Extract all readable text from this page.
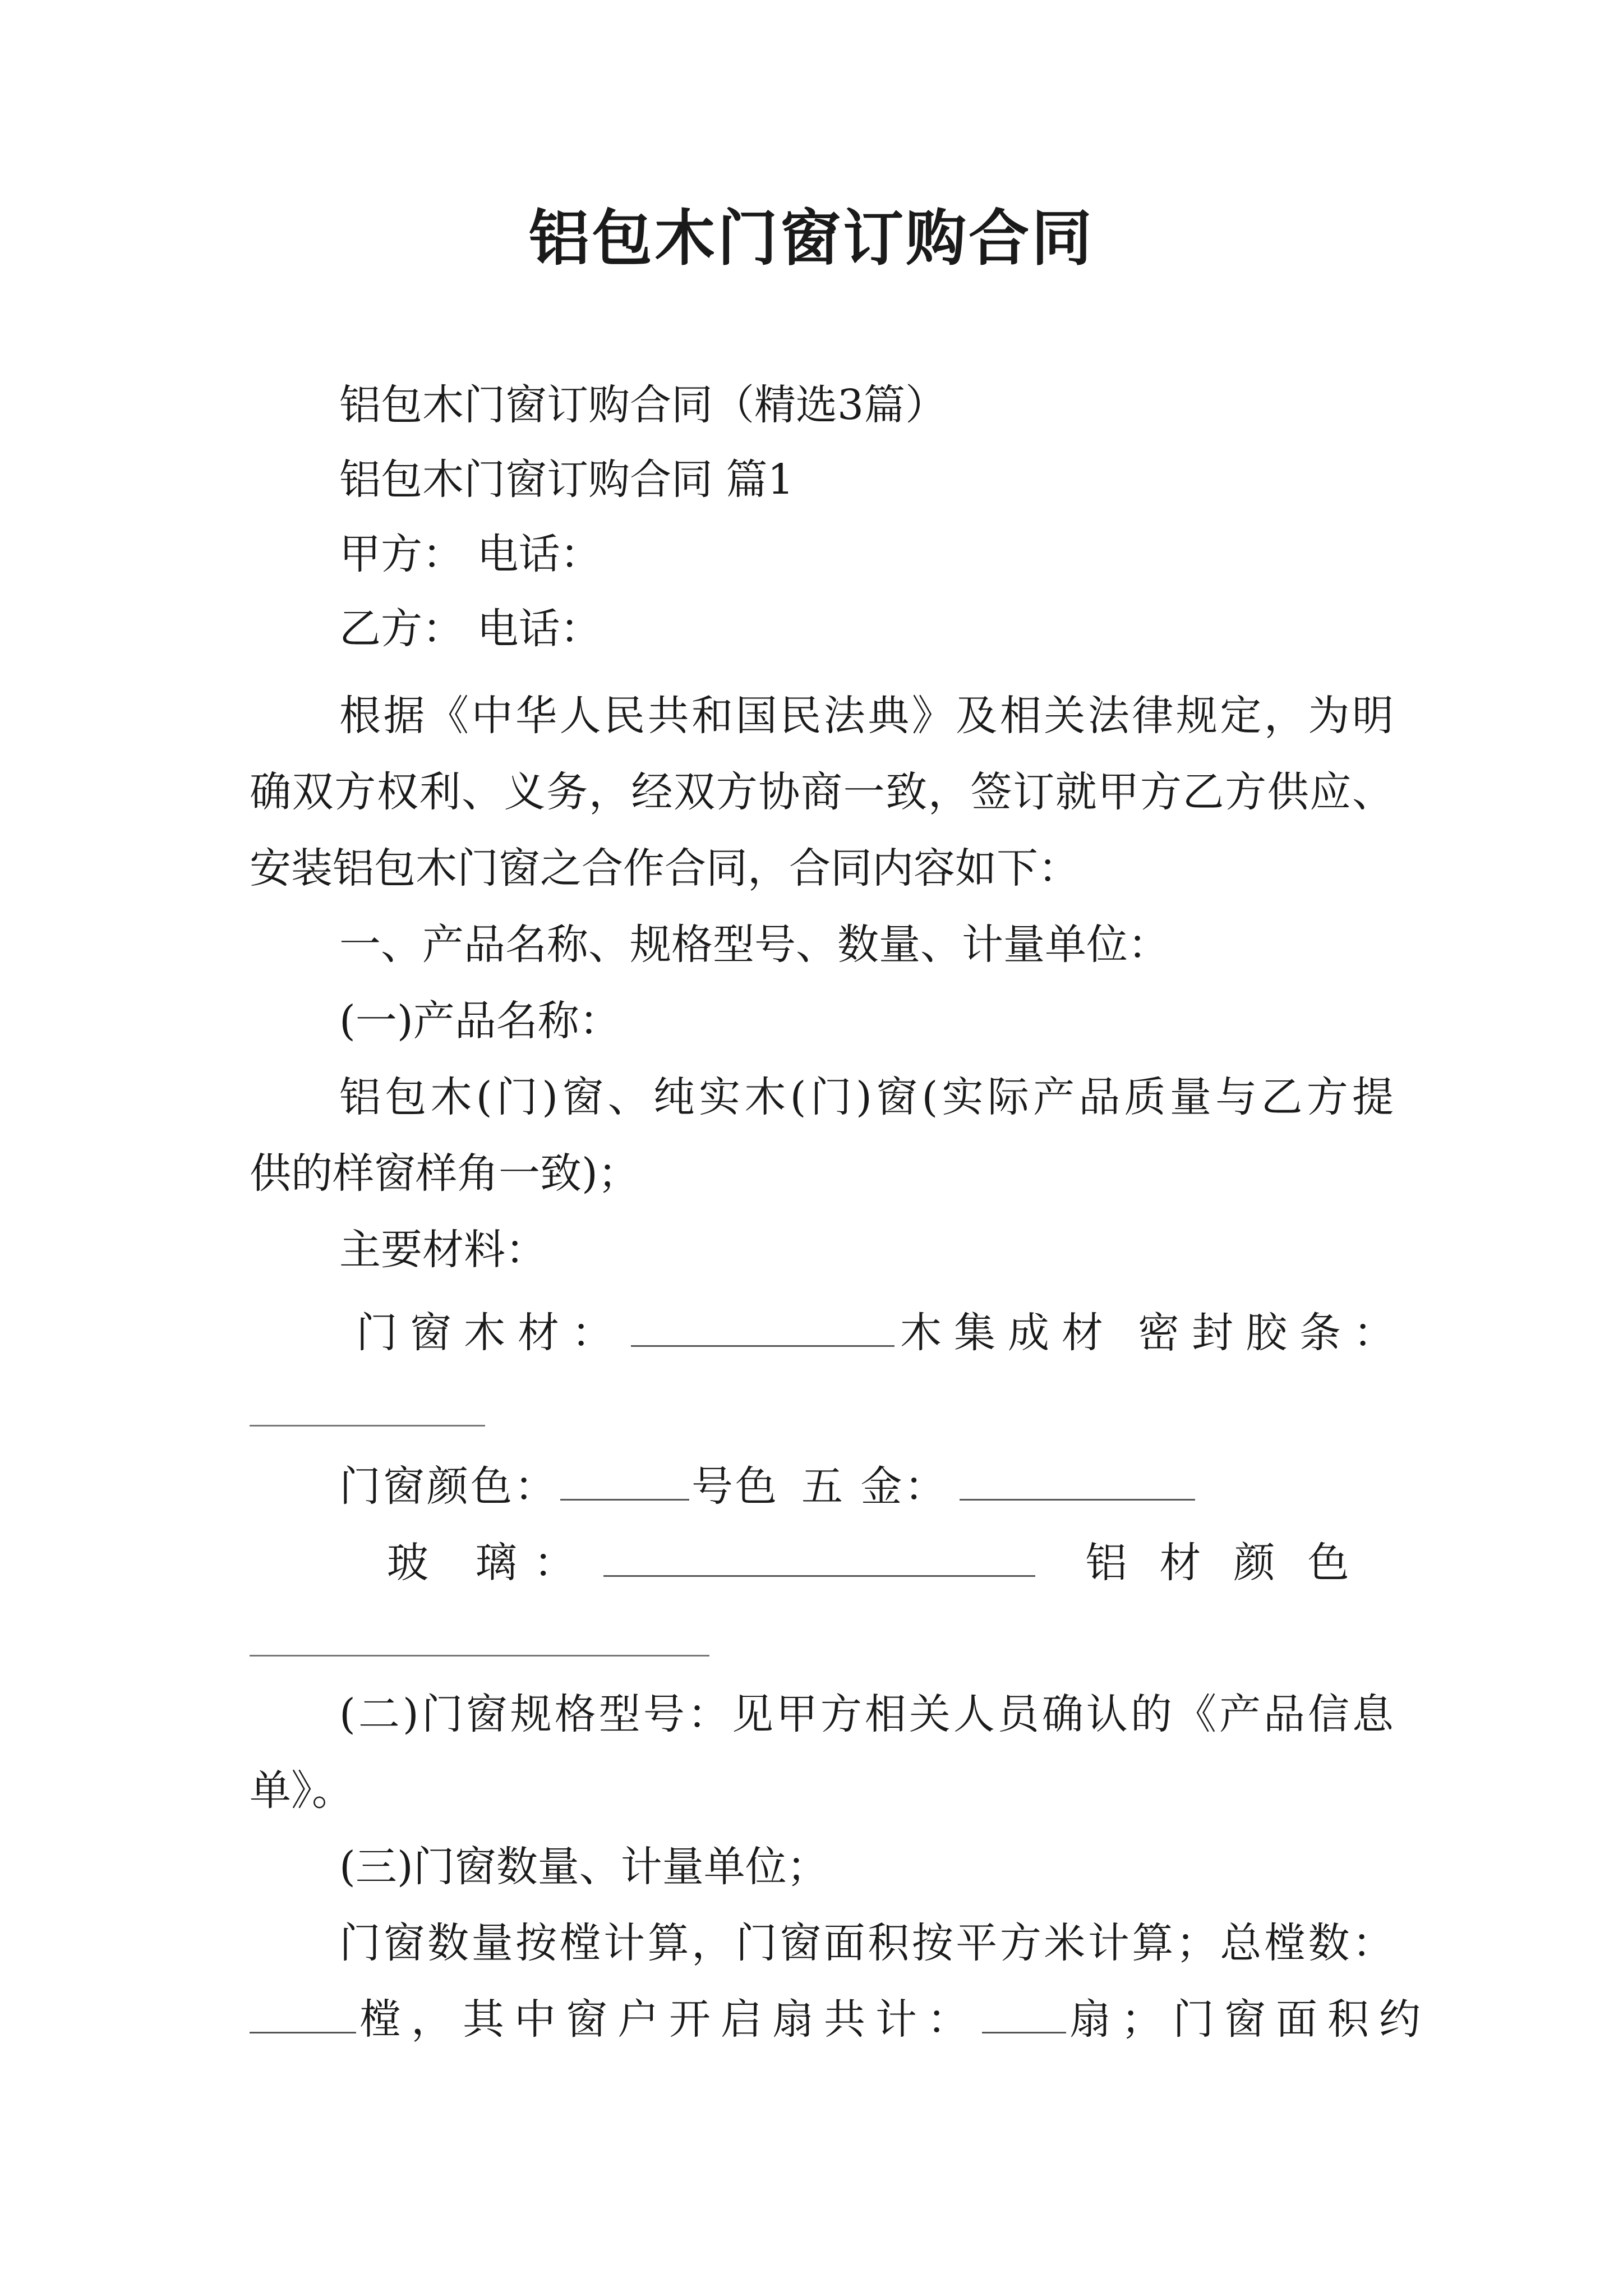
铝包木门窗订购合同
铝包木门窗订购合同（精选3篇）
铝包木门窗订购合同 篇1
甲方： 电话：
乙方： 电话：
根据《中华人民共和国民法典》及相关法律规定，为明
确双方权利、义务，经双方协商一致，签订就甲方乙方供应、
安装铝包木门窗之合作合同，合同内容如下：
一、产品名称、规格型号、数量、计量单位：
(一)产品名称：
铝包木(门)窗、纯实木(门)窗(实际产品质量与乙方提
供的样窗样角一致)；
主要材料：
门窗木材：	木集成材 密封胶条：
门窗颜色：	号色 五 金：
玻 璃：	铝材颜色
(二)门窗规格型号：见甲方相关人员确认的《产品信息
单》。
(三)门窗数量、计量单位；
门窗数量按樘计算，门窗面积按平方米计算；总樘数：
樘，其中窗户开启扇共计： 扇；门窗面积约
